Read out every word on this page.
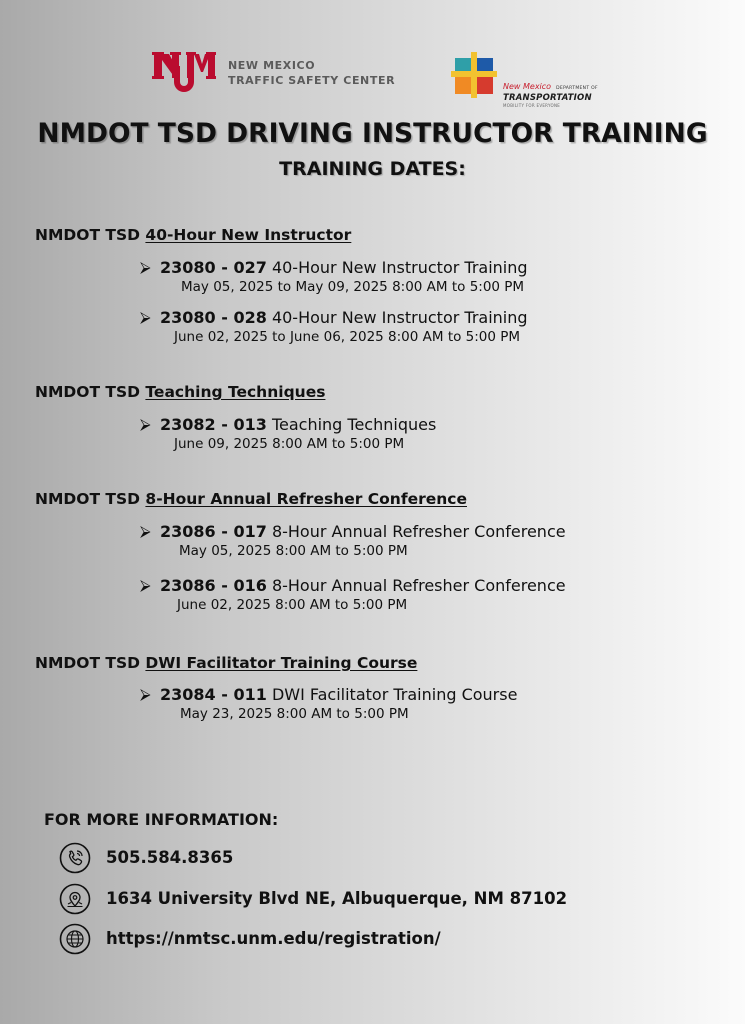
NEW MEXICO
TRAFFIC SAFETY CENTER	New Mexico DEPARTMENT OF
TRANSPORTATION
MOBILITY FOR EVERYONE
NMDOT TSD DRIVING INSTRUCTOR TRAINING
TRAINING DATES:
NMDOT TSD 40-Hour New Instructor
⮚ 23080 - 027 40-Hour New Instructor Training
May 05, 2025 to May 09, 2025 8:00 AM to 5:00 PM
⮚ 23080 - 028 40-Hour New Instructor Training
June 02, 2025 to June 06, 2025 8:00 AM to 5:00 PM
NMDOT TSD Teaching Techniques
⮚ 23082 - 013 Teaching Techniques
June 09, 2025 8:00 AM to 5:00 PM
NMDOT TSD 8-Hour Annual Refresher Conference
⮚ 23086 - 017 8-Hour Annual Refresher Conference
May 05, 2025 8:00 AM to 5:00 PM
⮚ 23086 - 016 8-Hour Annual Refresher Conference
June 02, 2025 8:00 AM to 5:00 PM
NMDOT TSD DWI Facilitator Training Course
⮚ 23084 - 011 DWI Facilitator Training Course
May 23, 2025 8:00 AM to 5:00 PM
FOR MORE INFORMATION:
505.584.8365
1634 University Blvd NE, Albuquerque, NM 87102
https://nmtsc.unm.edu/registration/
